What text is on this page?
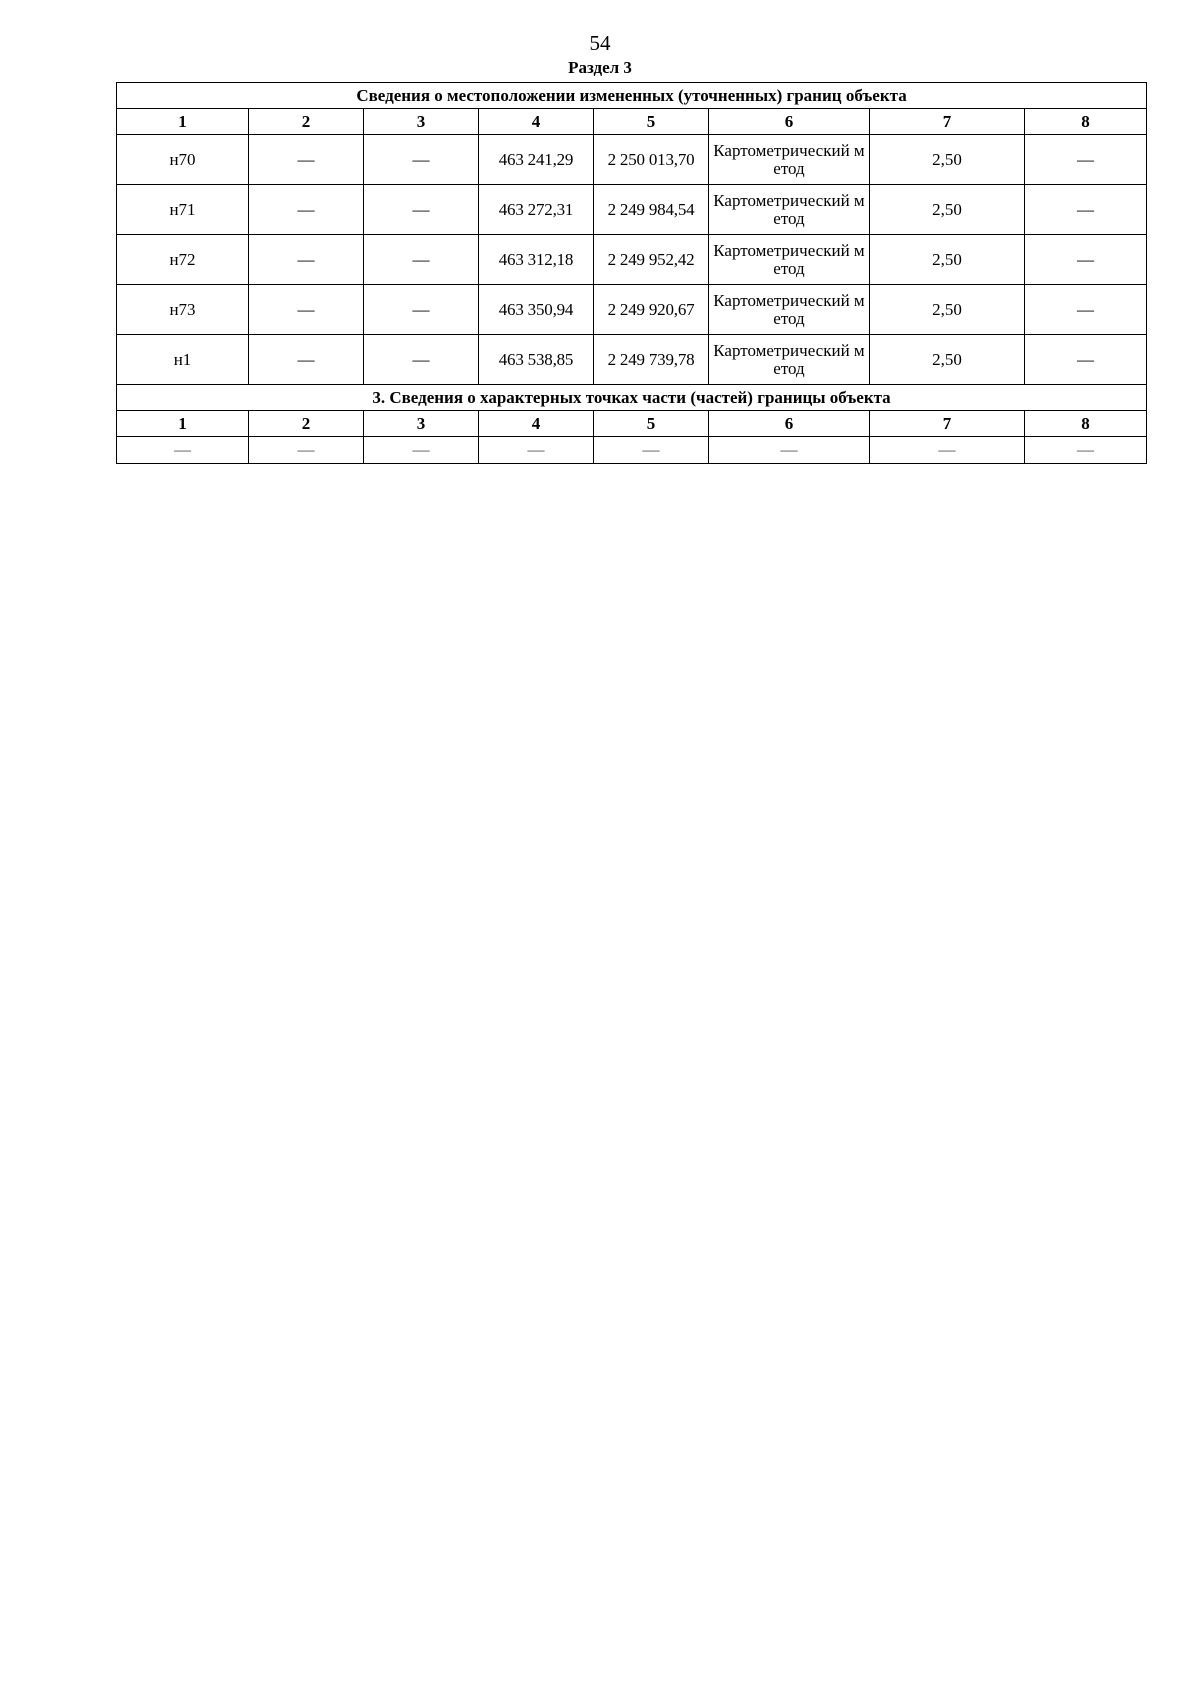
54
Раздел 3
Сведения о местоположении измененных (уточненных) границ объекта							
1	2	3	4	5	6	7	8
н70	—	—	463 241,29	2 250 013,70	Картометрический метод	2,50	—
н71	—	—	463 272,31	2 249 984,54	Картометрический метод	2,50	—
н72	—	—	463 312,18	2 249 952,42	Картометрический метод	2,50	—
н73	—	—	463 350,94	2 249 920,67	Картометрический метод	2,50	—
н1	—	—	463 538,85	2 249 739,78	Картометрический метод	2,50	—
3. Сведения о характерных точках части (частей) границы объекта							
1	2	3	4	5	6	7	8
—	—	—	—	—	—	—	—
